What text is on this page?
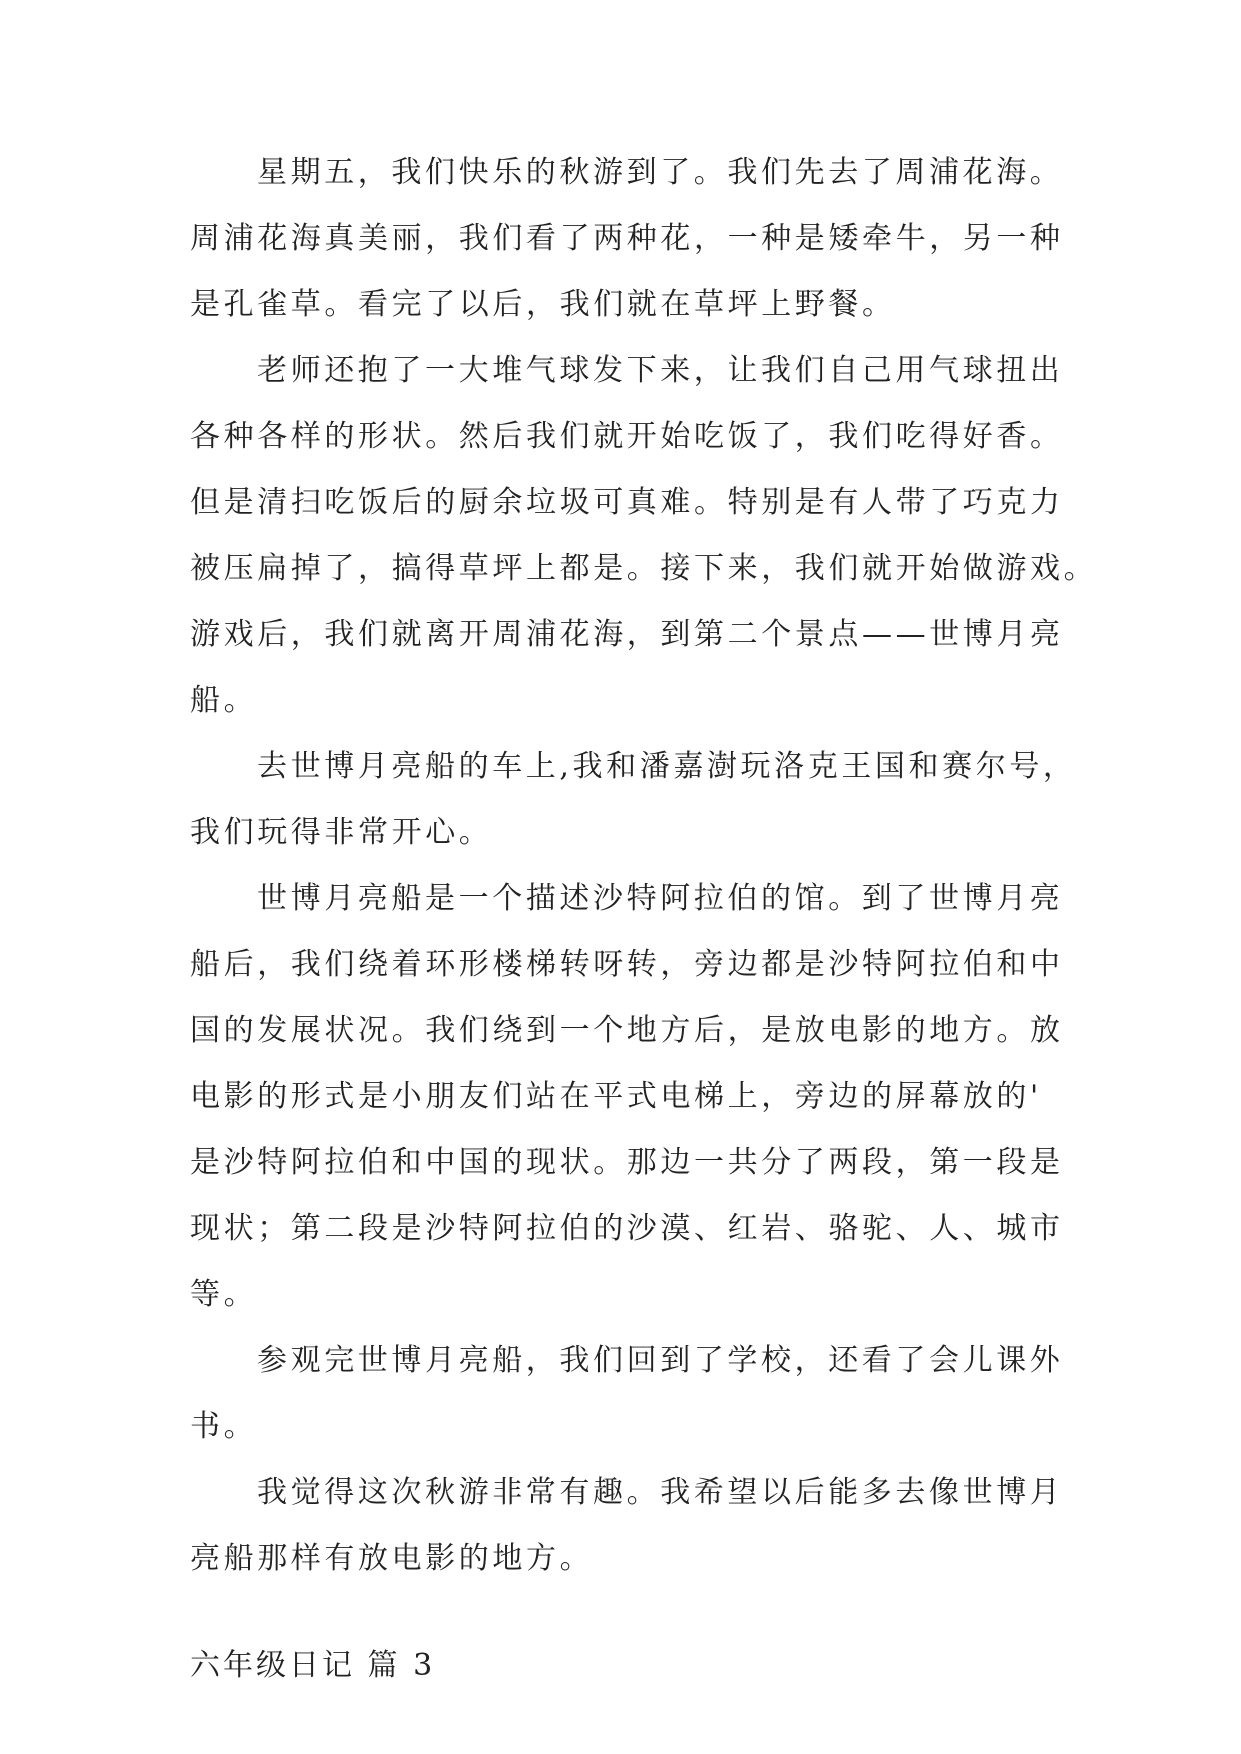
星期五，我们快乐的秋游到了。我们先去了周浦花海。

周浦花海真美丽，我们看了两种花，一种是矮牵牛，另一种

是孔雀草。看完了以后，我们就在草坪上野餐。

老师还抱了一大堆气球发下来，让我们自己用气球扭出

各种各样的形状。然后我们就开始吃饭了，我们吃得好香。

但是清扫吃饭后的厨余垃圾可真难。特别是有人带了巧克力

被压扁掉了，搞得草坪上都是。接下来，我们就开始做游戏。

游戏后，我们就离开周浦花海，到第二个景点——世博月亮

船。

去世博月亮船的车上,我和潘嘉澍玩洛克王国和赛尔号，

我们玩得非常开心。

世博月亮船是一个描述沙特阿拉伯的馆。到了世博月亮

船后，我们绕着环形楼梯转呀转，旁边都是沙特阿拉伯和中

国的发展状况。我们绕到一个地方后，是放电影的地方。放

电影的形式是小朋友们站在平式电梯上，旁边的屏幕放的'

是沙特阿拉伯和中国的现状。那边一共分了两段，第一段是

现状；第二段是沙特阿拉伯的沙漠、红岩、骆驼、人、城市

等。

参观完世博月亮船，我们回到了学校，还看了会儿课外

书。

我觉得这次秋游非常有趣。我希望以后能多去像世博月

亮船那样有放电影的地方。

六年级日记 篇 3
